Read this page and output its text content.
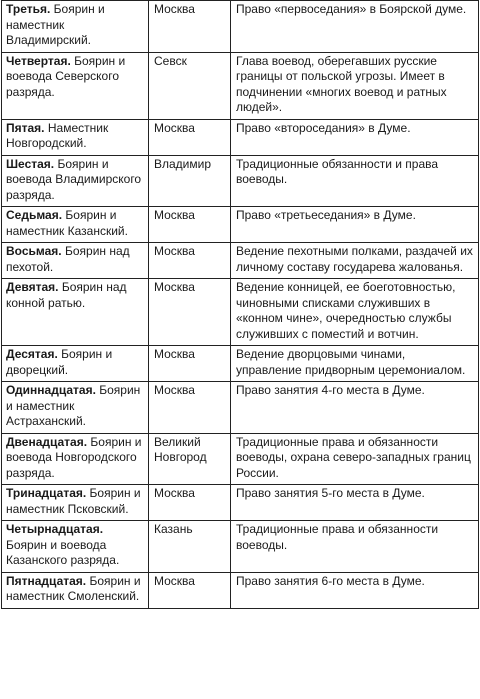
Третья. Боярин и наместник Владимирский.	Москва	Право «первоседания» в Боярской думе.
Четвертая. Боярин и воевода Северского разряда.	Севск	Глава воевод, оберегавших русские границы от польской угрозы. Имеет в подчинении «многих воевод и ратных людей».
Пятая. Наместник Новгородский.	Москва	Право «второседания» в Думе.
Шестая. Боярин и воевода Владимирского разряда.	Владимир	Традиционные обязанности и права воеводы.
Седьмая. Боярин и наместник Казанский.	Москва	Право «третьеседания» в Думе.
Восьмая. Боярин над пехотой.	Москва	Ведение пехотными полками, раздачей их личному составу государева жалованья.
Девятая. Боярин над конной ратью.	Москва	Ведение конницей, ее боеготовностью, чиновными списками служивших в «конном чине», очередностью службы служивших с поместий и вотчин.
Десятая. Боярин и дворецкий.	Москва	Ведение дворцовыми чинами, управление придворным церемониалом.
Одиннадцатая. Боярин и наместник Астраханский.	Москва	Право занятия 4-го места в Думе.
Двенадцатая. Боярин и воевода Новгородского разряда.	Великий Новгород	Традиционные права и обязанности воеводы, охрана северо-западных границ России.
Тринадцатая. Боярин и наместник Псковский.	Москва	Право занятия 5-го места в Думе.
Четырнадцатая. Боярин и воевода Казанского разряда.	Казань	Традиционные права и обязанности воеводы.
Пятнадцатая. Боярин и наместник Смоленский.	Москва	Право занятия 6-го места в Думе.
